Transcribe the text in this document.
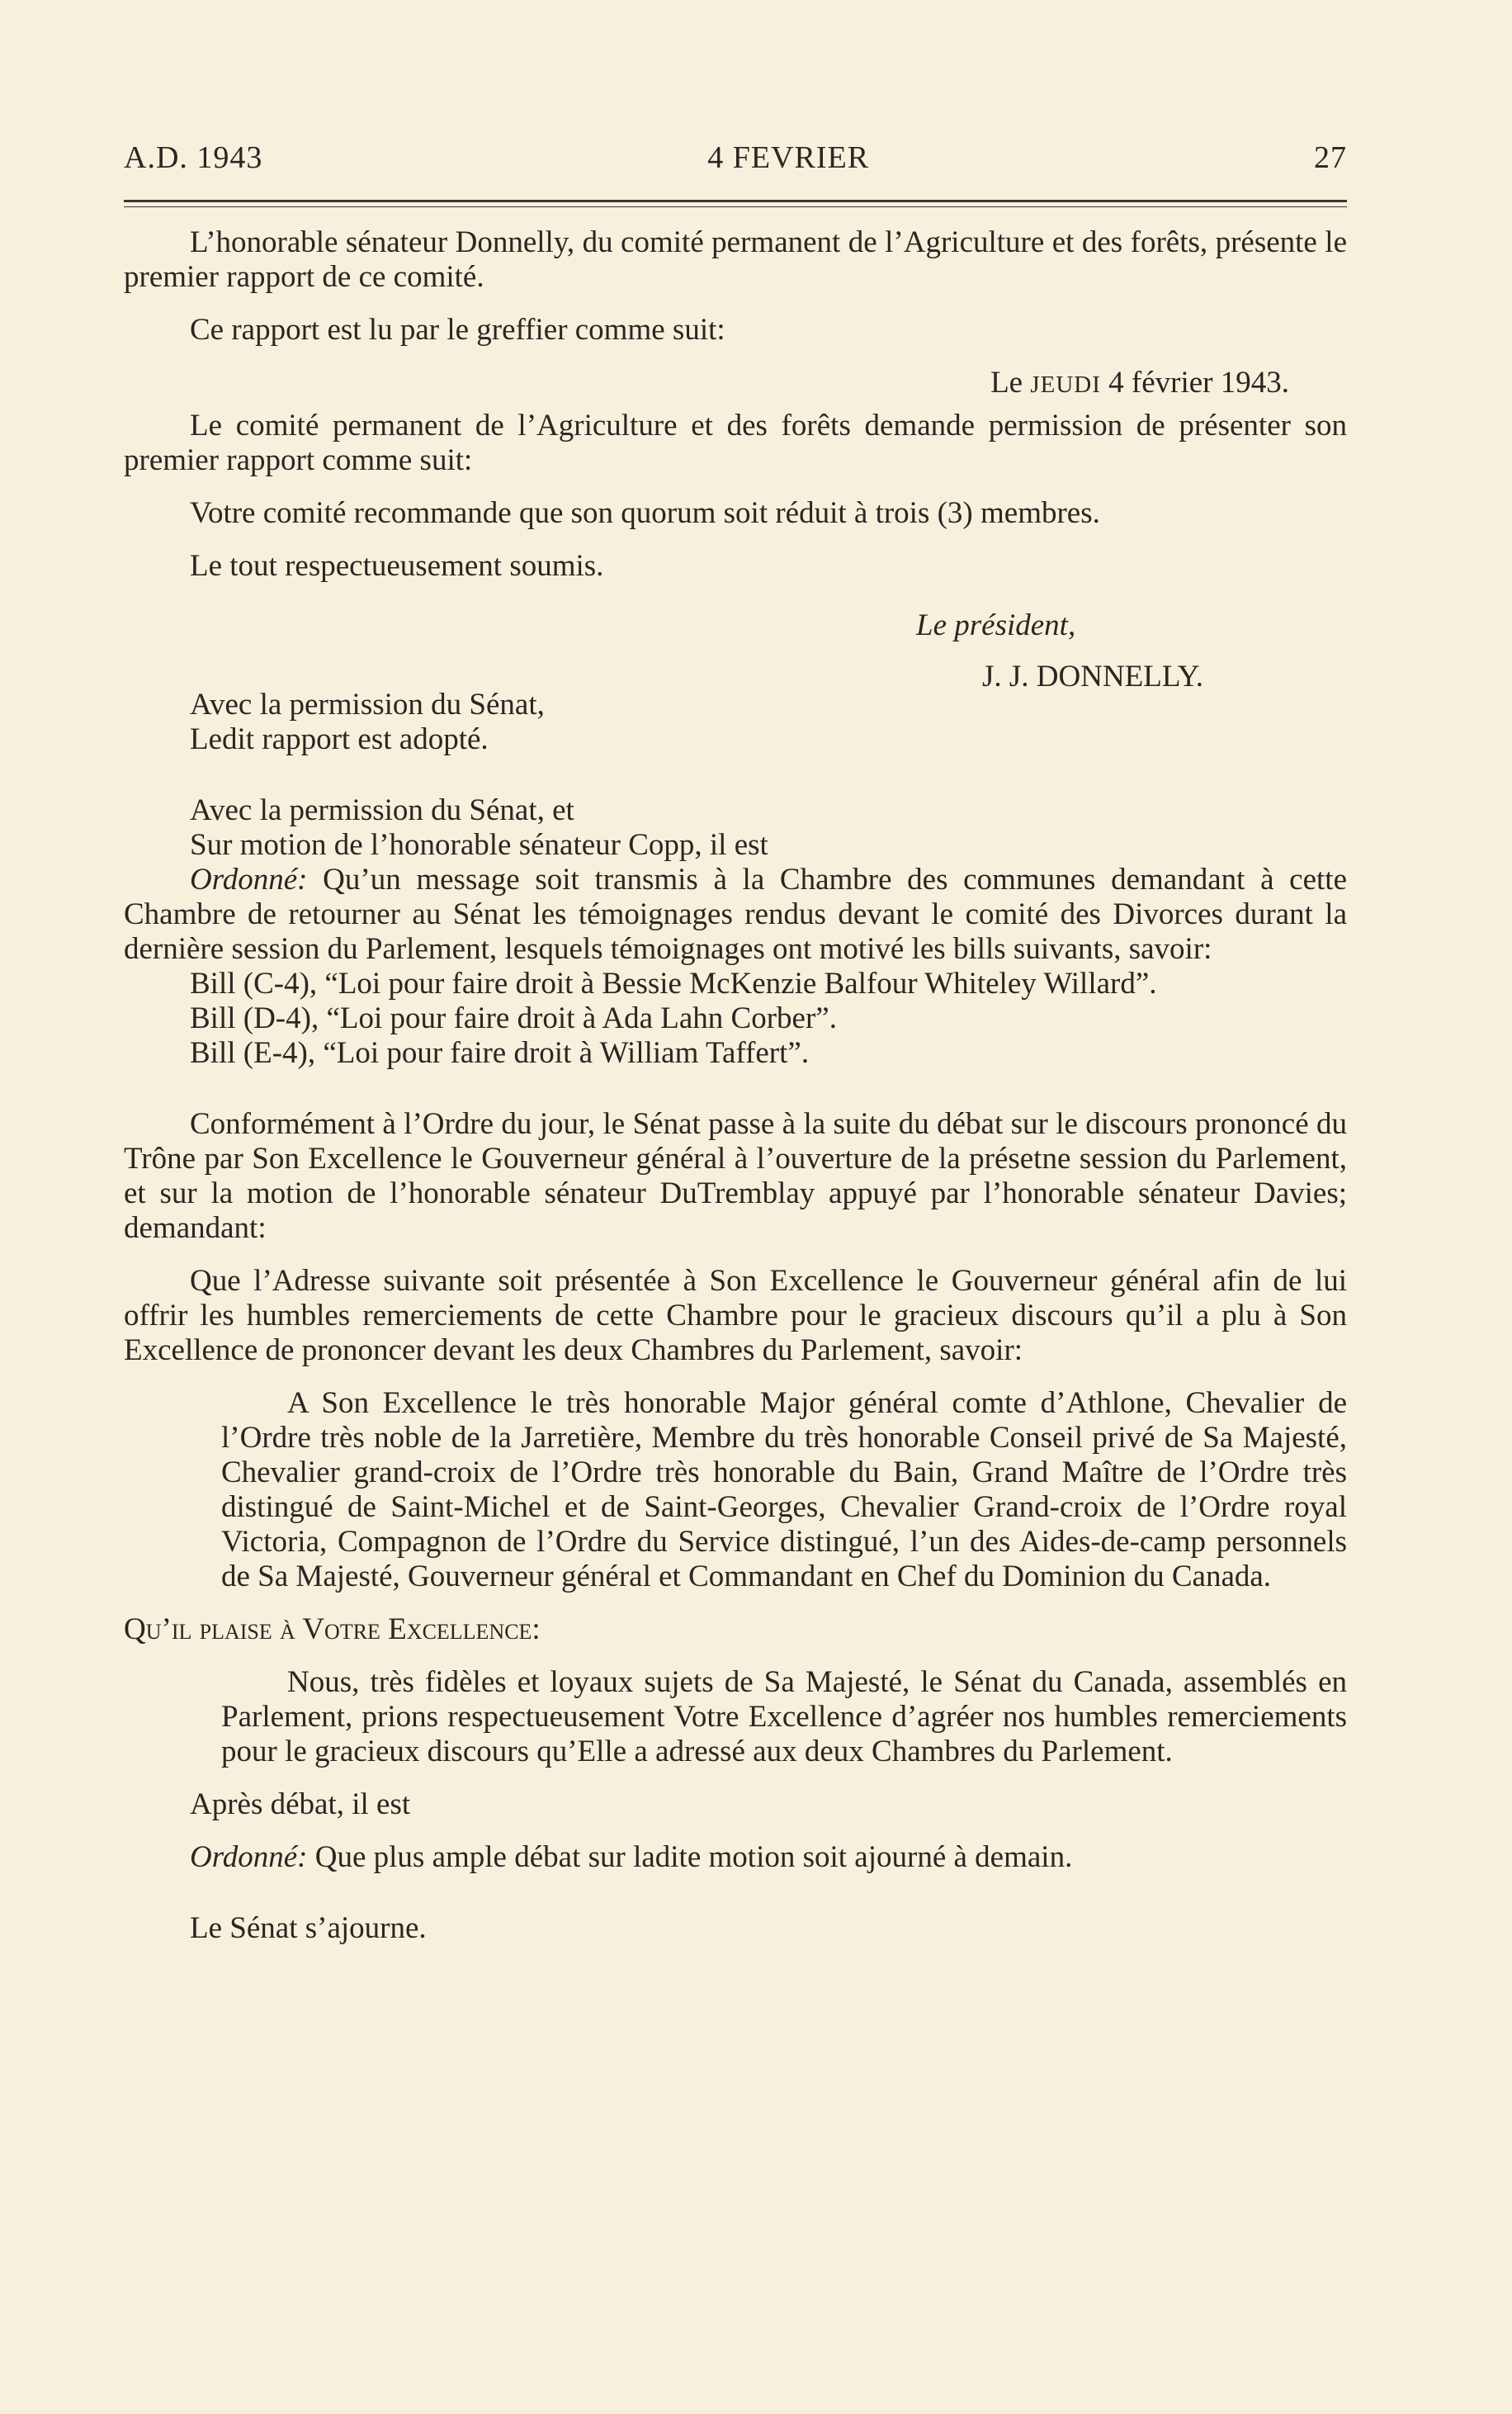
A.D. 1943	4 FEVRIER	27

L’honorable sénateur Donnelly, du comité permanent de l’Agriculture et des forêts, présente le premier rapport de ce comité.

Ce rapport est lu par le greffier comme suit:

Le JEUDI 4 février 1943.

Le comité permanent de l’Agriculture et des forêts demande permission de présenter son premier rapport comme suit:

Votre comité recommande que son quorum soit réduit à trois (3) membres.

Le tout respectueusement soumis.

Le président,

J. J. DONNELLY.

Avec la permission du Sénat,

Ledit rapport est adopté.

Avec la permission du Sénat, et

Sur motion de l’honorable sénateur Copp, il est

Ordonné: Qu’un message soit transmis à la Chambre des communes demandant à cette Chambre de retourner au Sénat les témoignages rendus devant le comité des Divorces durant la dernière session du Parlement, lesquels témoignages ont motivé les bills suivants, savoir:

Bill (C-4), “Loi pour faire droit à Bessie McKenzie Balfour Whiteley Willard”.

Bill (D-4), “Loi pour faire droit à Ada Lahn Corber”.

Bill (E-4), “Loi pour faire droit à William Taffert”.

Conformément à l’Ordre du jour, le Sénat passe à la suite du débat sur le discours prononcé du Trône par Son Excellence le Gouverneur général à l’ouverture de la présetne session du Parlement, et sur la motion de l’honorable sénateur DuTremblay appuyé par l’honorable sénateur Davies; demandant:

Que l’Adresse suivante soit présentée à Son Excellence le Gouverneur général afin de lui offrir les humbles remerciements de cette Chambre pour le gracieux discours qu’il a plu à Son Excellence de prononcer devant les deux Chambres du Parlement, savoir:

A Son Excellence le très honorable Major général comte d’Athlone, Chevalier de l’Ordre très noble de la Jarretière, Membre du très honorable Conseil privé de Sa Majesté, Chevalier grand-croix de l’Ordre très honorable du Bain, Grand Maître de l’Ordre très distingué de Saint-Michel et de Saint-Georges, Chevalier Grand-croix de l’Ordre royal Victoria, Compagnon de l’Ordre du Service distingué, l’un des Aides-de-camp personnels de Sa Majesté, Gouverneur général et Commandant en Chef du Dominion du Canada.

Qu’il plaise à Votre Excellence:

Nous, très fidèles et loyaux sujets de Sa Majesté, le Sénat du Canada, assemblés en Parlement, prions respectueusement Votre Excellence d’agréer nos humbles remerciements pour le gracieux discours qu’Elle a adressé aux deux Chambres du Parlement.

Après débat, il est

Ordonné: Que plus ample débat sur ladite motion soit ajourné à demain.

Le Sénat s’ajourne.
